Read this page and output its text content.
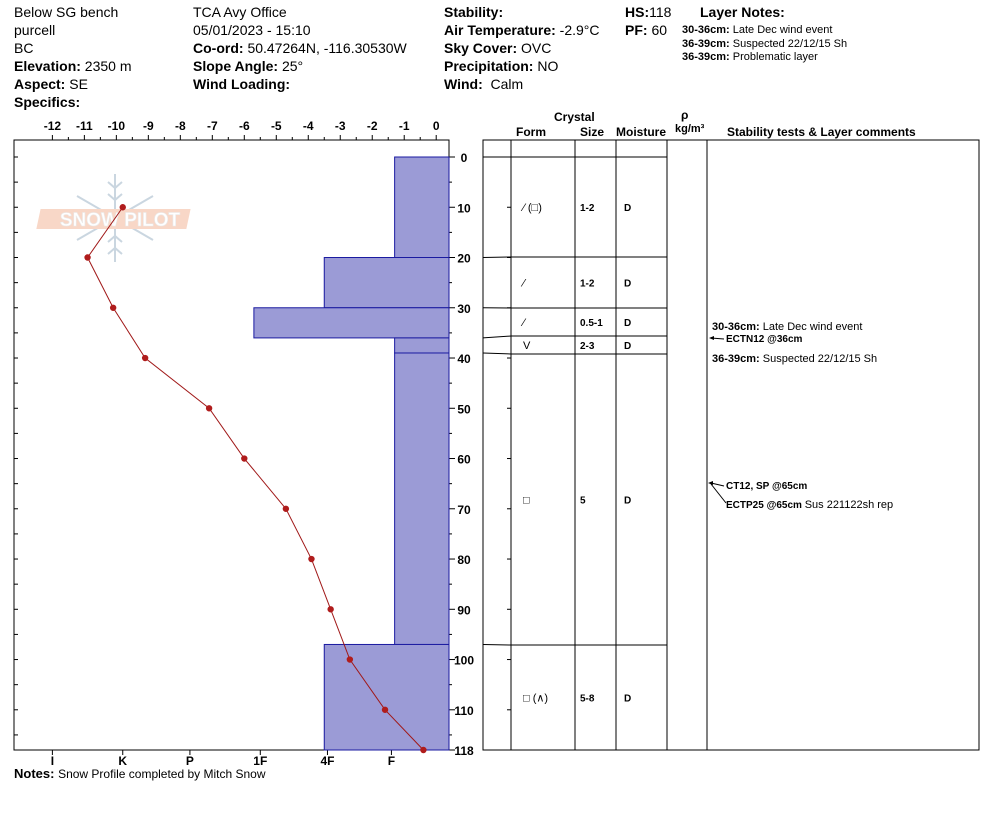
Below SG bench
purcell
BC
Elevation: 2350 m
Aspect: SE
Specifics:
TCA Avy Office
05/01/2023 - 15:10
Co-ord: 50.47264N, -116.30530W
Slope Angle: 25°
Wind Loading:
Stability:
Air Temperature: -2.9°C
Sky Cover: OVC
Precipitation: NO
Wind: Calm
HS:118
PF: 60
Layer Notes:
30-36cm: Late Dec wind event
36-39cm: Suspected 22/12/15 Sh
36-39cm: Problematic layer
Crystal
Form	Size Moisture
ρ
kg/m³ Stability tests & Layer comments
SNOW PILOT
-12 -11 -10 -9 -8 -7 -6 -5 -4 -3 -2 -1 0
0
10
20
30
40
50
60
70
80
90
100
110
118
I	K	P	1F	4F	F
⁄ (□)	1-2	D
⁄	1-2	D
⁄	0.5-1 D
V	2-3	D
□	5	D
□ (∧)	5-8	D
30-36cm: Late Dec wind event
ECTN12 @36cm
36-39cm: Suspected 22/12/15 Sh
CT12, SP @65cm
ECTP25 @65cm Sus 221122sh rep
Notes: Snow Profile completed by Mitch Snow
